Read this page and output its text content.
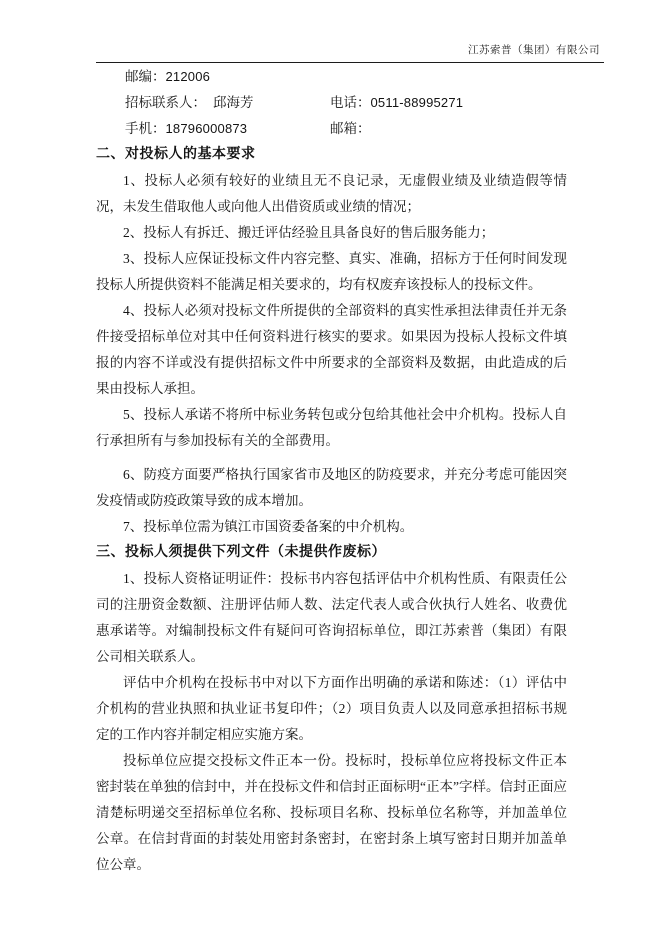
江苏索普（集团）有限公司
邮编：212006
招标联系人： 邱海芳	电话：0511-88995271
手机：18796000873	邮箱：
二、对投标人的基本要求

1、投标人必须有较好的业绩且无不良记录，无虚假业绩及业绩造假等情况，未发生借取他人或向他人出借资质或业绩的情况；

2、投标人有拆迁、搬迁评估经验且具备良好的售后服务能力；

3、投标人应保证投标文件内容完整、真实、准确，招标方于任何时间发现投标人所提供资料不能满足相关要求的，均有权废弃该投标人的投标文件。

4、投标人必须对投标文件所提供的全部资料的真实性承担法律责任并无条件接受招标单位对其中任何资料进行核实的要求。如果因为投标人投标文件填报的内容不详或没有提供招标文件中所要求的全部资料及数据，由此造成的后果由投标人承担。

5、投标人承诺不将所中标业务转包或分包给其他社会中介机构。投标人自行承担所有与参加投标有关的全部费用。

6、防疫方面要严格执行国家省市及地区的防疫要求，并充分考虑可能因突发疫情或防疫政策导致的成本增加。

7、投标单位需为镇江市国资委备案的中介机构。

三、投标人须提供下列文件（未提供作废标）

1、投标人资格证明证件：投标书内容包括评估中介机构性质、有限责任公司的注册资金数额、注册评估师人数、法定代表人或合伙执行人姓名、收费优惠承诺等。对编制投标文件有疑问可咨询招标单位，即江苏索普（集团）有限公司相关联系人。

评估中介机构在投标书中对以下方面作出明确的承诺和陈述：（1）评估中介机构的营业执照和执业证书复印件；（2）项目负责人以及同意承担招标书规定的工作内容并制定相应实施方案。

投标单位应提交投标文件正本一份。投标时，投标单位应将投标文件正本密封装在单独的信封中，并在投标文件和信封正面标明“正本”字样。信封正面应清楚标明递交至招标单位名称、投标项目名称、投标单位名称等，并加盖单位公章。在信封背面的封装处用密封条密封，在密封条上填写密封日期并加盖单位公章。
